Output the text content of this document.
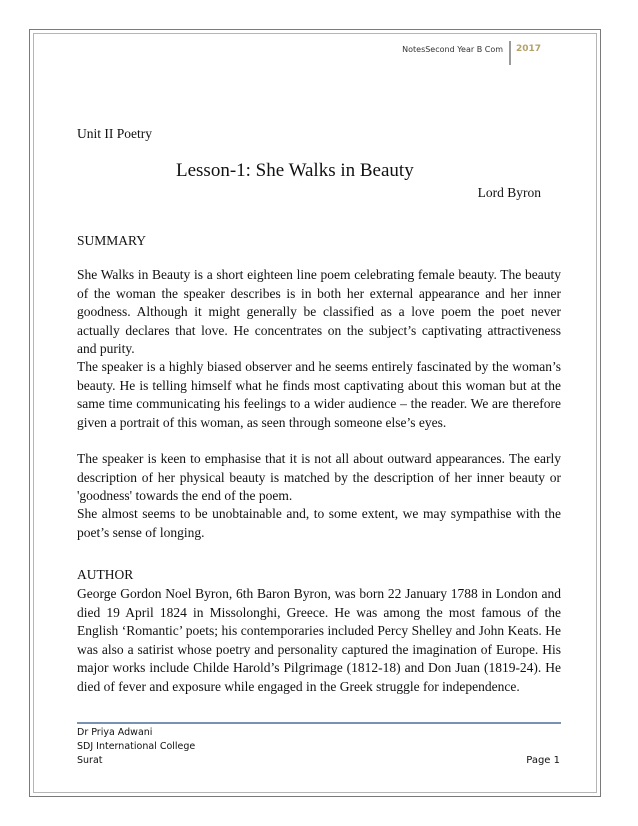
NotesSecond Year B Com 2017
Unit II Poetry
Lesson-1: She Walks in Beauty
Lord Byron
SUMMARY

She Walks in Beauty is a short eighteen line poem celebrating female beauty. The beauty of the woman the speaker describes is in both her external appearance and her inner goodness. Although it might generally be classified as a love poem the poet never actually declares that love. He concentrates on the subject’s captivating attractiveness and purity.

The speaker is a highly biased observer and he seems entirely fascinated by the woman’s beauty. He is telling himself what he finds most captivating about this woman but at the same time communicating his feelings to a wider audience – the reader. We are therefore given a portrait of this woman, as seen through someone else’s eyes.

The speaker is keen to emphasise that it is not all about outward appearances. The early description of her physical beauty is matched by the description of her inner beauty or 'goodness' towards the end of the poem.

She almost seems to be unobtainable and, to some extent, we may sympathise with the poet’s sense of longing.

AUTHOR

George Gordon Noel Byron, 6th Baron Byron, was born 22 January 1788 in London and died 19 April 1824 in Missolonghi, Greece. He was among the most famous of the English ‘Romantic’ poets; his contemporaries included Percy Shelley and John Keats. He was also a satirist whose poetry and personality captured the imagination of Europe. His major works include Childe Harold’s Pilgrimage (1812-18) and Don Juan (1819-24). He died of fever and exposure while engaged in the Greek struggle for independence.

Dr Priya Adwani
SDJ International College
Surat	Page 1
